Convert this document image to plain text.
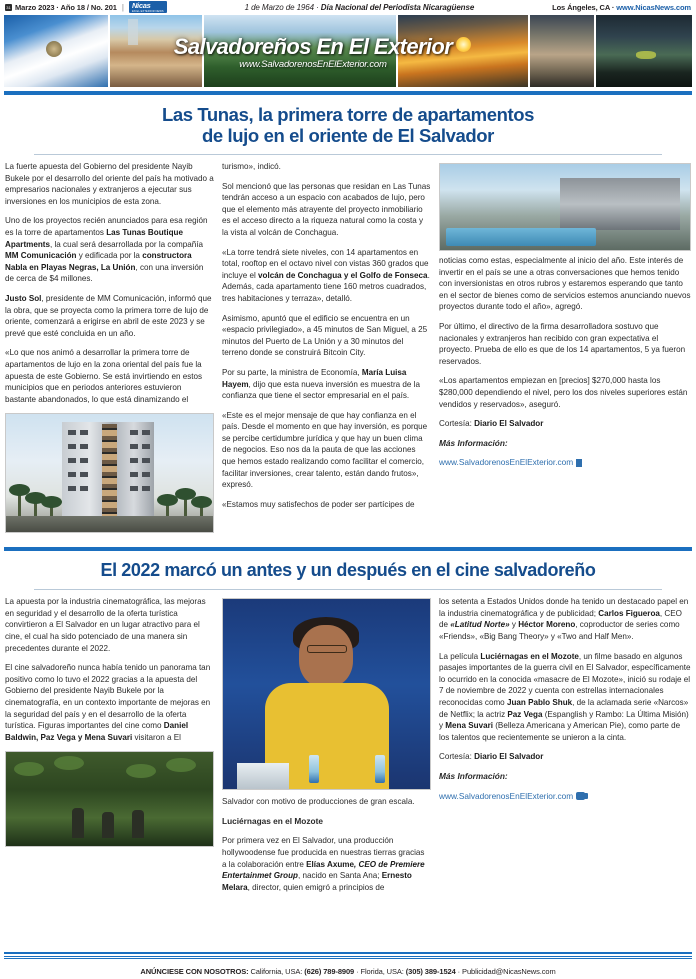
31 Marzo 2023 · Año 18 / No. 201 |	Nicas
EN EL EXTERIOR NEWS	1 de Marzo de 1964 · Día Nacional del Periodista Nicaragüense	Los Ángeles, CA · www.NicasNews.com
Salvadoreños En El Exterior
www.SalvadorenosEnElExterior.com
Las Tunas, la primera torre de apartamentos
de lujo en el oriente de El Salvador

La fuerte apuesta del Gobierno del presidente Nayib Bukele por el desarrollo del oriente del país ha motivado a empresarios nacionales y extranjeros a ejecutar sus inversiones en los municipios de esta zona.

Uno de los proyectos recién anunciados para esa región es la torre de apartamentos Las Tunas Boutique Apartments, la cual será desarrollada por la compañía MM Comunicación y edificada por la constructora Nabla en Playas Negras, La Unión, con una inversión de cerca de $4 millones.

Justo Sol, presidente de MM Comunicación, informó que la obra, que se proyecta como la primera torre de lujo de oriente, comenzará a erigirse en abril de este 2023 y se prevé que esté concluida en un año.

«Lo que nos animó a desarrollar la primera torre de apartamentos de lujo en la zona oriental del país fue la apuesta de este Gobierno. Se está invirtiendo en estos municipios que en periodos anteriores estuvieron bastante abandonados, lo que está dinamizando el

turismo», indicó.

Sol mencionó que las personas que residan en Las Tunas tendrán acceso a un espacio con acabados de lujo, pero que el elemento más atrayente del proyecto inmobiliario es el acceso directo a la riqueza natural como la costa y la vista al volcán de Conchagua.

«La torre tendrá siete niveles, con 14 apartamentos en total, rooftop en el octavo nivel con vistas 360 grados que incluye el volcán de Conchagua y el Golfo de Fonseca. Además, cada apartamento tiene 160 metros cuadrados, tres habitaciones y terraza», detalló.

Asimismo, apuntó que el edificio se encuentra en un «espacio privilegiado», a 45 minutos de San Miguel, a 25 minutos del Puerto de La Unión y a 30 minutos del terreno donde se construirá Bitcoin City.

Por su parte, la ministra de Economía, María Luisa Hayem, dijo que esta nueva inversión es muestra de la confianza que tiene el sector empresarial en el país.

«Este es el mejor mensaje de que hay confianza en el país. Desde el momento en que hay inversión, es porque se percibe certidumbre jurídica y que hay un buen clima de negocios. Eso nos da la pauta de que las acciones que hemos estado realizando como facilitar el comercio, facilitar inversiones, crear talento, están dando frutos», expresó.

«Estamos muy satisfechos de poder ser partícipes de

noticias como estas, especialmente al inicio del año. Este interés de invertir en el país se une a otras conversaciones que hemos tenido con inversionistas en otros rubros y estaremos esperando que tanto en el sector de bienes como de servicios estemos anunciando nuevos proyectos durante todo el año», agregó.

Por último, el directivo de la firma desarrolladora sostuvo que nacionales y extranjeros han recibido con gran expectativa el proyecto. Prueba de ello es que de los 14 apartamentos, 5 ya fueron reservados.

«Los apartamentos empiezan en [precios] $270,000 hasta los $280,000 dependiendo el nivel, pero los dos niveles superiores están vendidos y reservados», aseguró.

Cortesía: Diario El Salvador

Más Información:

www.SalvadorenosEnElExterior.com
El 2022 marcó un antes y un después en el cine salvadoreño

La apuesta por la industria cinematográfica, las mejoras en seguridad y el desarrollo de la oferta turística convirtieron a El Salvador en un lugar atractivo para el cine, el cual ha sido potenciado de una manera sin precedentes durante el 2022.

El cine salvadoreño nunca había tenido un panorama tan positivo como lo tuvo el 2022 gracias a la apuesta del Gobierno del presidente Nayib Bukele por la cinematografía, en un contexto importante de mejoras en la seguridad del país y en el desarrollo de la oferta turística. Figuras importantes del cine como Daniel Baldwin, Paz Vega y Mena Suvari visitaron a El

Salvador con motivo de producciones de gran escala.

Luciérnagas en el Mozote

Por primera vez en El Salvador, una producción hollywoodense fue producida en nuestras tierras gracias a la colaboración entre Elías Axume, CEO de Premiere Entertainmet Group, nacido en Santa Ana; Ernesto Melara, director, quien emigró a principios de

los setenta a Estados Unidos donde ha tenido un destacado papel en la industria cinematográfica y de publicidad; Carlos Figueroa, CEO de «Latitud Norte» y Héctor Moreno, coproductor de series como «Friends», «Big Bang Theory» y «Two and Half Men».

La película Luciérnagas en el Mozote, un filme basado en algunos pasajes importantes de la guerra civil en El Salvador, específicamente lo ocurrido en la conocida «masacre de El Mozote», inició su rodaje el 7 de noviembre de 2022 y cuenta con estrellas internacionales reconocidas como Juan Pablo Shuk, de la aclamada serie «Narcos» de Netflix; la actriz Paz Vega (Espanglish y Rambo: La Última Misión) y Mena Suvari (Belleza Americana y American Pie), como parte de los talentos que recientemente se unieron a la cinta.

Cortesía: Diario El Salvador

Más Información:

www.SalvadorenosEnElExterior.com
ANÚNCIESE CON NOSOTROS: California, USA: (626) 789-8909 · Florida, USA: (305) 389-1524 · Publicidad@NicasNews.com
